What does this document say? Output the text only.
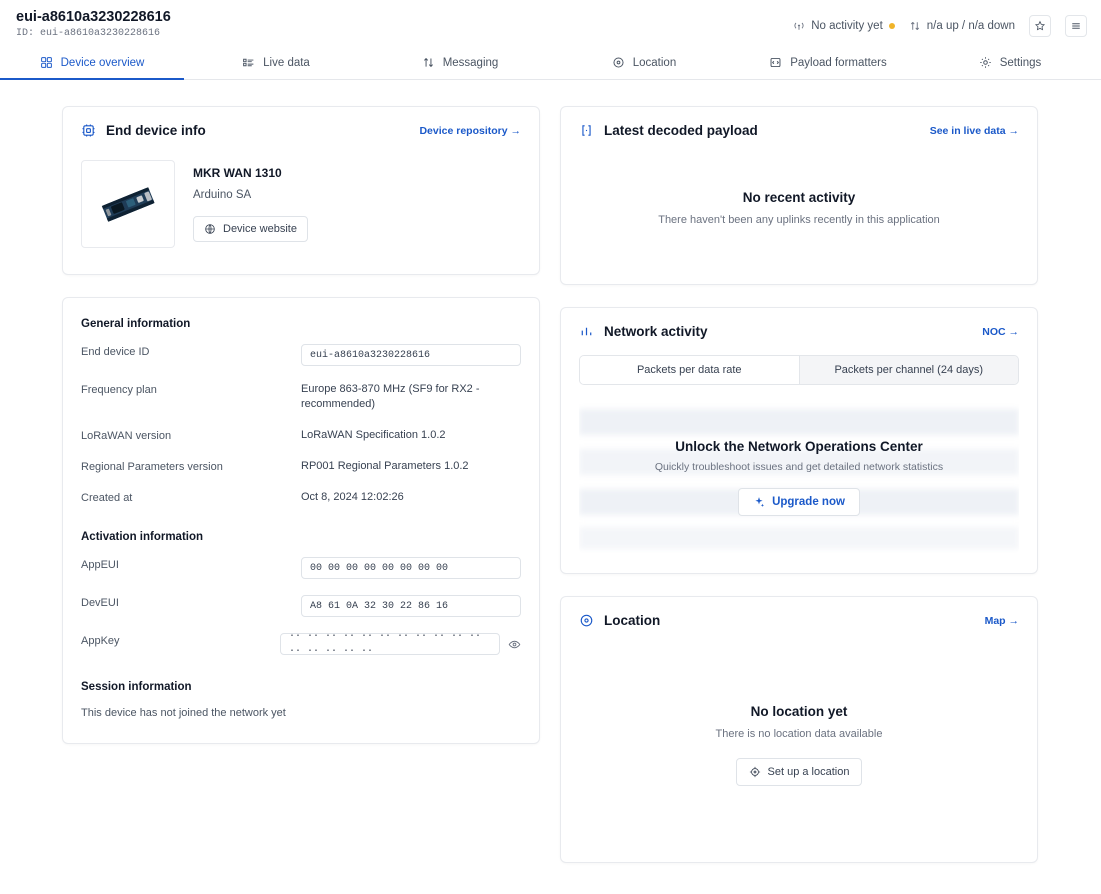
eui-a8610a3230228616
ID: eui-a8610a3230228616
No activity yet	n/a up / n/a down
Device overview	Live data	Messaging	Location	Payload formatters	Settings
End device info	Device repository →
MKR WAN 1310
Arduino SA
Device website
General information
End device ID	eui-a8610a3230228616
Frequency plan	Europe 863-870 MHz (SF9 for RX2 - recommended)
LoRaWAN version	LoRaWAN Specification 1.0.2
Regional Parameters version	RP001 Regional Parameters 1.0.2
Created at	Oct 8, 2024 12:02:26
Activation information
AppEUI	00 00 00 00 00 00 00 00
DevEUI	A8 61 0A 32 30 22 86 16
AppKey	·· ·· ·· ·· ·· ·· ·· ·· ·· ·· ·· ·· ·· ·· ·· ··
Session information
This device has not joined the network yet
Latest decoded payload	See in live data →
No recent activity
There haven't been any uplinks recently in this application
Network activity	NOC →
Packets per data rate	Packets per channel (24 days)
Unlock the Network Operations Center
Quickly troubleshoot issues and get detailed network statistics
Upgrade now
Location	Map →
No location yet
There is no location data available
Set up a location
